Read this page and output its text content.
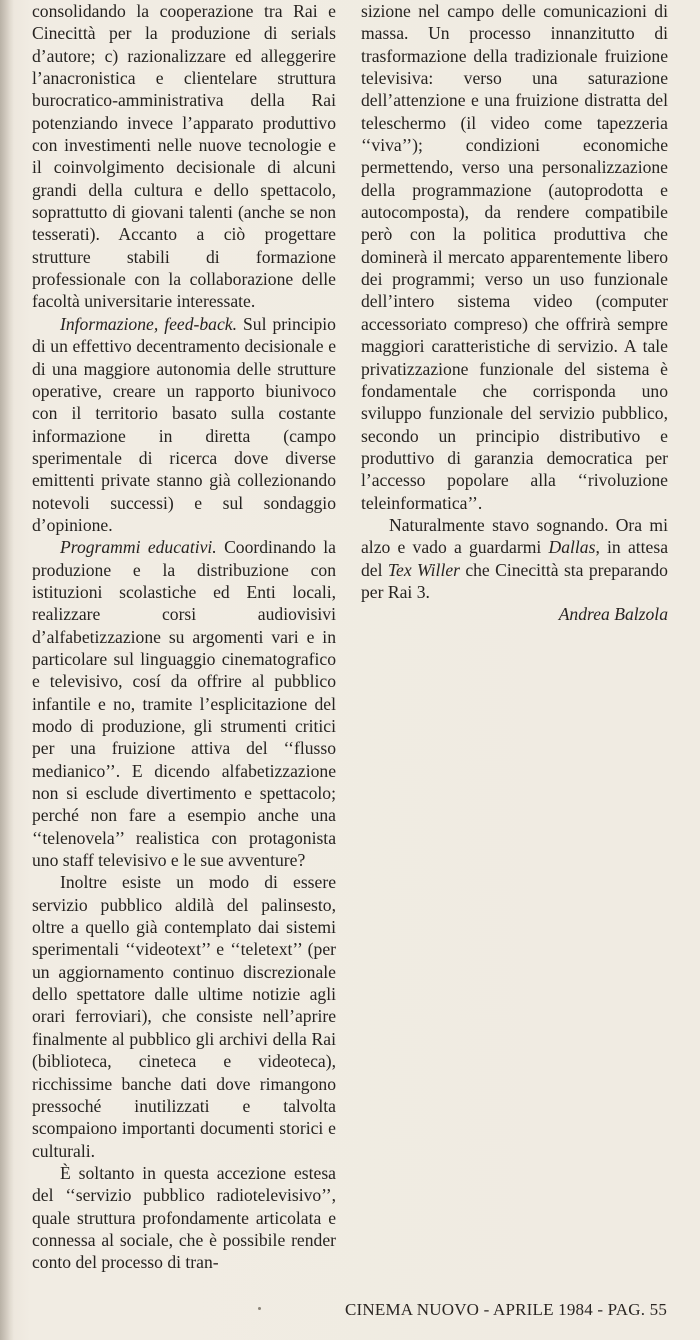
consolidando la cooperazione tra Rai e Cinecittà per la produzione di serials d’autore; c) razionalizzare ed alleggerire l’anacronistica e clientelare struttura burocratico-amministrativa della Rai potenziando invece l’apparato produttivo con investimenti nelle nuove tecnologie e il coinvolgimento decisionale di alcuni grandi della cultura e dello spettacolo, soprattutto di giovani talenti (anche se non tesserati). Accanto a ciò progettare strutture stabili di formazione professionale con la collaborazione delle facoltà universitarie interessate.

Informazione, feed-back. Sul principio di un effettivo decentramento decisionale e di una maggiore autonomia delle strutture operative, creare un rapporto biunivoco con il territorio basato sulla costante informazione in diretta (campo sperimentale di ricerca dove diverse emittenti private stanno già collezionando notevoli successi) e sul sondaggio d’opinione.

Programmi educativi. Coordinando la produzione e la distribuzione con istituzioni scolastiche ed Enti locali, realizzare corsi audiovisivi d’alfabetizzazione su argomenti vari e in particolare sul linguaggio cinematografico e televisivo, cosí da offrire al pubblico infantile e no, tramite l’esplicitazione del modo di produzione, gli strumenti critici per una fruizione attiva del ‘‘flusso medianico’’. E dicendo alfabetizzazione non si esclude divertimento e spettacolo; perché non fare a esempio anche una ‘‘telenovela’’ realistica con protagonista uno staff televisivo e le sue avventure?

Inoltre esiste un modo di essere servizio pubblico aldilà del palinsesto, oltre a quello già contemplato dai sistemi sperimentali ‘‘videotext’’ e ‘‘teletext’’ (per un aggiornamento continuo discrezionale dello spettatore dalle ultime notizie agli orari ferroviari), che consiste nell’aprire finalmente al pubblico gli archivi della Rai (biblioteca, cineteca e videoteca), ricchissime banche dati dove rimangono pressoché inutilizzati e talvolta scompaiono importanti documenti storici e culturali.

È soltanto in questa accezione estesa del ‘‘servizio pubblico radiotelevisivo’’, quale struttura profondamente articolata e connessa al sociale, che è possibile render conto del processo di tran-

sizione nel campo delle comunicazioni di massa. Un processo innanzitutto di trasformazione della tradizionale fruizione televisiva: verso una saturazione dell’attenzione e una fruizione distratta del teleschermo (il video come tapezzeria ‘‘viva’’); condizioni economiche permettendo, verso una personalizzazione della programmazione (autoprodotta e autocomposta), da rendere compatibile però con la politica produttiva che dominerà il mercato apparentemente libero dei programmi; verso un uso funzionale dell’intero sistema video (computer accessoriato compreso) che offrirà sempre maggiori caratteristiche di servizio. A tale privatizzazione funzionale del sistema è fondamentale che corrisponda uno sviluppo funzionale del servizio pubblico, secondo un principio distributivo e produttivo di garanzia democratica per l’accesso popolare alla ‘‘rivoluzione teleinformatica’’.

Naturalmente stavo sognando. Ora mi alzo e vado a guardarmi Dallas, in attesa del Tex Willer che Cinecittà sta preparando per Rai 3.

Andrea Balzola

CINEMA NUOVO - APRILE 1984 - PAG. 55
